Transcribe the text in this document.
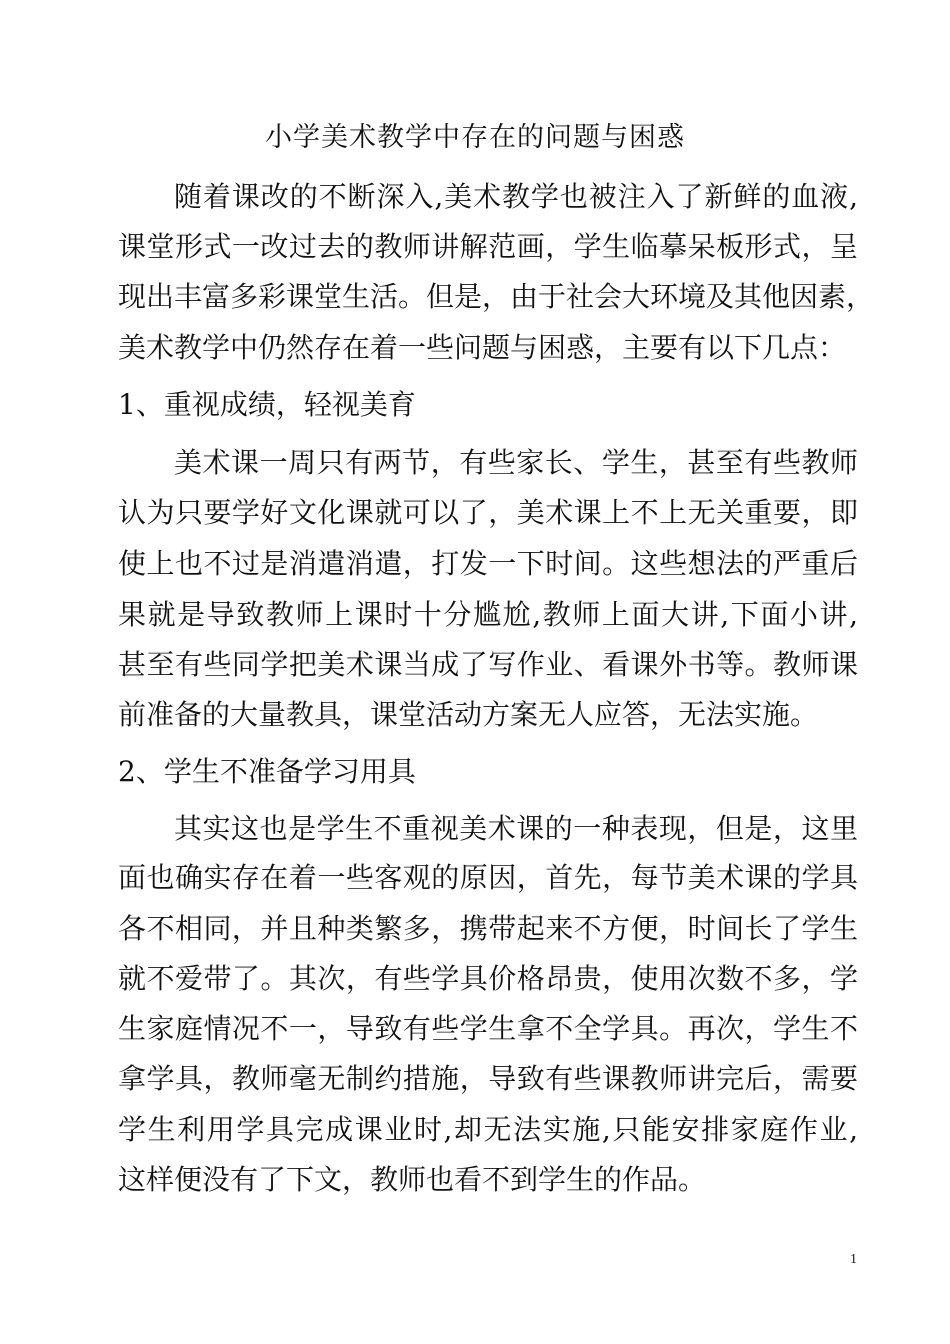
小学美术教学中存在的问题与困惑
随着课改的不断深入,美术教学也被注入了新鲜的血液,
课堂形式一改过去的教师讲解范画，学生临摹呆板形式，呈
现出丰富多彩课堂生活。但是，由于社会大环境及其他因素，
美术教学中仍然存在着一些问题与困惑，主要有以下几点：
1、重视成绩，轻视美育
美术课一周只有两节，有些家长、学生，甚至有些教师
认为只要学好文化课就可以了，美术课上不上无关重要，即
使上也不过是消遣消遣，打发一下时间。这些想法的严重后
果就是导致教师上课时十分尴尬,教师上面大讲,下面小讲,
甚至有些同学把美术课当成了写作业、看课外书等。教师课
前准备的大量教具，课堂活动方案无人应答，无法实施。
2、学生不准备学习用具
其实这也是学生不重视美术课的一种表现，但是，这里
面也确实存在着一些客观的原因，首先，每节美术课的学具
各不相同，并且种类繁多，携带起来不方便，时间长了学生
就不爱带了。其次，有些学具价格昂贵，使用次数不多，学
生家庭情况不一，导致有些学生拿不全学具。再次，学生不
拿学具，教师毫无制约措施，导致有些课教师讲完后，需要
学生利用学具完成课业时,却无法实施,只能安排家庭作业,
这样便没有了下文，教师也看不到学生的作品。
1
